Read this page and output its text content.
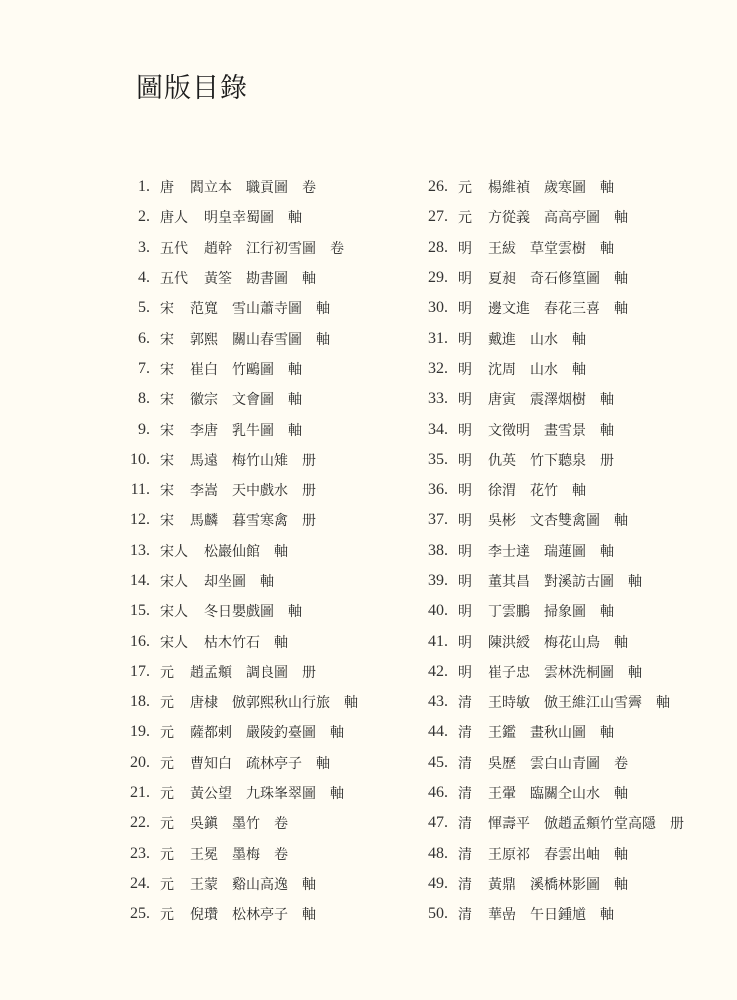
圖版目錄
1. 唐	閻立本 職貢圖 卷
2. 唐人	明皇幸蜀圖 軸
3. 五代	趙幹 江行初雪圖 卷
4. 五代	黃筌 勘書圖 軸
5. 宋	范寬 雪山蕭寺圖 軸
6. 宋	郭熙 關山春雪圖 軸
7. 宋	崔白 竹鷗圖 軸
8. 宋	徽宗 文會圖 軸
9. 宋	李唐 乳牛圖 軸
10. 宋	馬遠 梅竹山雉 册
11. 宋	李嵩 天中戲水 册
12. 宋	馬麟 暮雪寒禽 册
13. 宋人	松巖仙館 軸
14. 宋人	却坐圖 軸
15. 宋人	冬日嬰戲圖 軸
16. 宋人	枯木竹石 軸
17. 元	趙孟頫 調良圖 册
18. 元	唐棣 倣郭熙秋山行旅 軸
19. 元	薩都剌 嚴陵釣臺圖 軸
20. 元	曹知白 疏林亭子 軸
21. 元	黃公望 九珠峯翠圖 軸
22. 元	吳鎭 墨竹 卷
23. 元	王冕 墨梅 卷
24. 元	王蒙 谿山高逸 軸
25. 元	倪瓚 松林亭子 軸
26. 元	楊維禎 歲寒圖 軸
27. 元	方從義 高高亭圖 軸
28. 明	王紱 草堂雲樹 軸
29. 明	夏昶 奇石修篁圖 軸
30. 明	邊文進 春花三喜 軸
31. 明	戴進 山水 軸
32. 明	沈周 山水 軸
33. 明	唐寅 震澤烟樹 軸
34. 明	文徵明 畫雪景 軸
35. 明	仇英 竹下聽泉 册
36. 明	徐渭 花竹 軸
37. 明	吳彬 文杏雙禽圖 軸
38. 明	李士達 瑞蓮圖 軸
39. 明	董其昌 對溪訪古圖 軸
40. 明	丁雲鵬 掃象圖 軸
41. 明	陳洪綬 梅花山鳥 軸
42. 明	崔子忠 雲林洗桐圖 軸
43. 清	王時敏 倣王維江山雪霽 軸
44. 清	王鑑 畫秋山圖 軸
45. 清	吳歷 雲白山青圖 卷
46. 清	王翬 臨關仝山水 軸
47. 清	惲壽平 倣趙孟頫竹堂高隱 册
48. 清	王原祁 春雲出岫 軸
49. 清	黃鼎 溪橋林影圖 軸
50. 清	華嵒 午日鍾馗 軸
